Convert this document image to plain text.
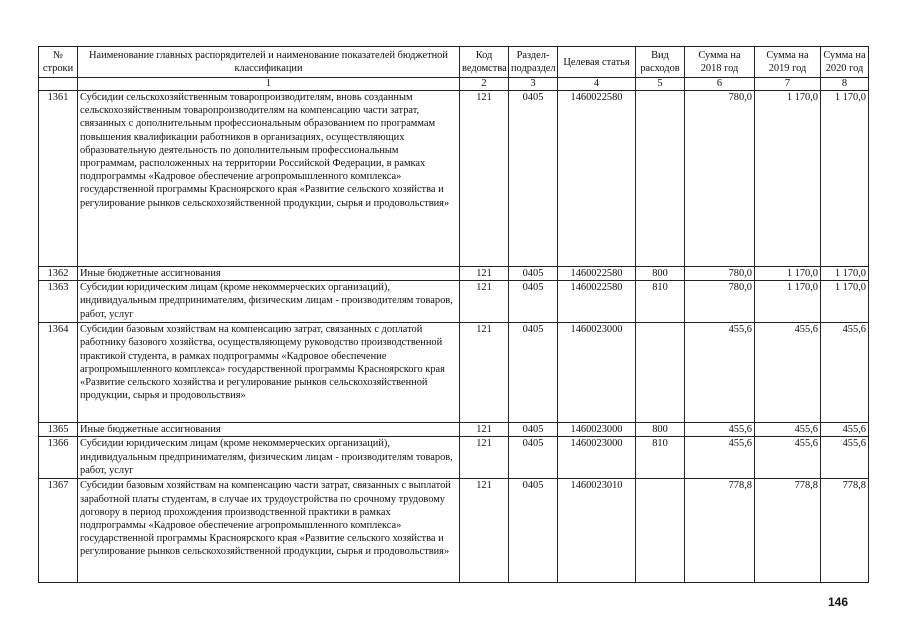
№ строки	Наименование главных распорядителей и наименование показателей бюджетной классификации	Код ведомства	Раздел-подраздел	Целевая статья	Вид расходов	Сумма на 2018 год	Сумма на 2019 год	Сумма на 2020 год
	1	2	3	4	5	6	7	8
1361	Субсидии сельскохозяйственным товаропроизводителям, вновь созданным сельскохозяйственным товаропроизводителям на компенсацию части затрат, связанных с дополнительным профессиональным образованием по программам повышения квалификации работников в организациях, осуществляющих образовательную деятельность по дополнительным профессиональным программам, расположенных на территории Российской Федерации, в рамках подпрограммы «Кадровое обеспечение агропромышленного комплекса» государственной программы Красноярского края «Развитие сельского хозяйства и регулирование рынков сельскохозяйственной продукции, сырья и продовольствия»	121	0405	1460022580		780,0	1 170,0	1 170,0
1362	Иные бюджетные ассигнования	121	0405	1460022580	800	780,0	1 170,0	1 170,0
1363	Субсидии юридическим лицам (кроме некоммерческих организаций), индивидуальным предпринимателям, физическим лицам - производителям товаров, работ, услуг	121	0405	1460022580	810	780,0	1 170,0	1 170,0
1364	Субсидии базовым хозяйствам на компенсацию затрат, связанных с доплатой работнику базового хозяйства, осуществляющему руководство производственной практикой студента, в рамках подпрограммы «Кадровое обеспечение агропромышленного комплекса» государственной программы Красноярского края «Развитие сельского хозяйства и регулирование рынков сельскохозяйственной продукции, сырья и продовольствия»	121	0405	1460023000		455,6	455,6	455,6
1365	Иные бюджетные ассигнования	121	0405	1460023000	800	455,6	455,6	455,6
1366	Субсидии юридическим лицам (кроме некоммерческих организаций), индивидуальным предпринимателям, физическим лицам - производителям товаров, работ, услуг	121	0405	1460023000	810	455,6	455,6	455,6
1367	Субсидии базовым хозяйствам на компенсацию части затрат, связанных с выплатой заработной платы студентам, в случае их трудоустройства по срочному трудовому договору в период прохождения производственной практики в рамках подпрограммы «Кадровое обеспечение агропромышленного комплекса» государственной программы Красноярского края «Развитие сельского хозяйства и регулирование рынков сельскохозяйственной продукции, сырья и продовольствия»	121	0405	1460023010		778,8	778,8	778,8
146
